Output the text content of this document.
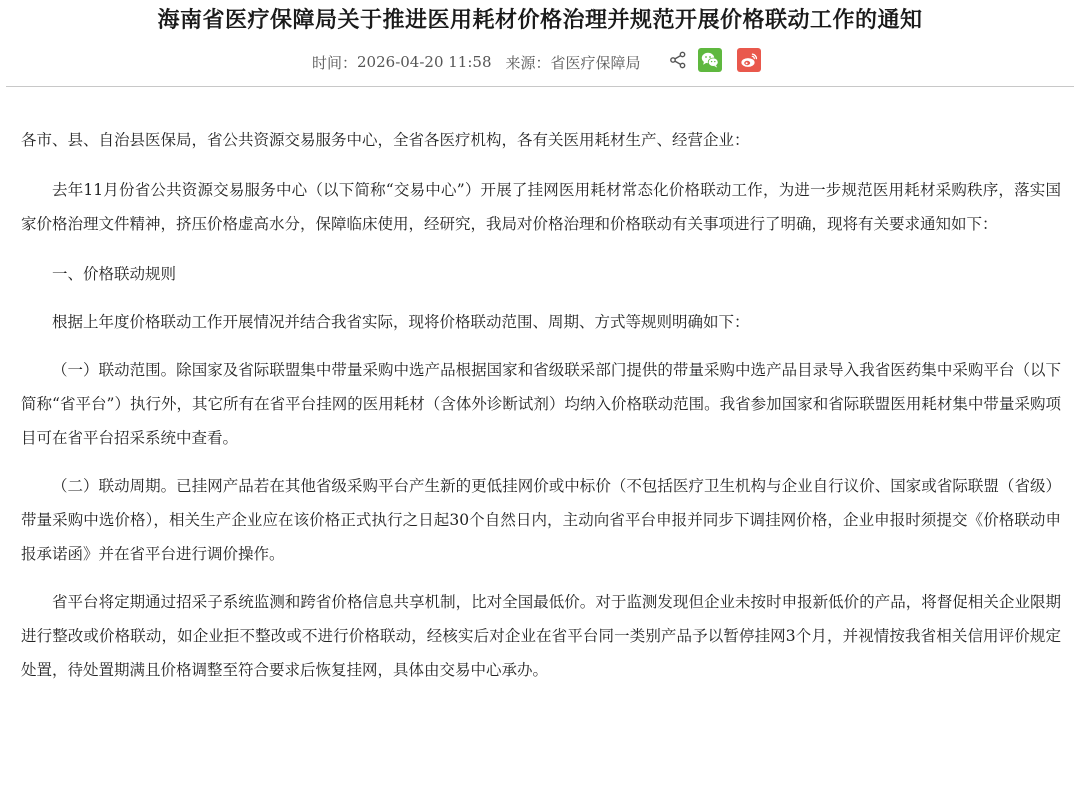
海南省医疗保障局关于推进医用耗材价格治理并规范开展价格联动工作的通知
时间： 2026-04-20 11:58 来源： 省医疗保障局

各市、县、自治县医保局，省公共资源交易服务中心，全省各医疗机构，各有关医用耗材生产、经营企业：

去年11月份省公共资源交易服务中心（以下简称“交易中心”）开展了挂网医用耗材常态化价格联动工作，为进一步规范医用耗材采购秩序，落实国家价格治理文件精神，挤压价格虚高水分，保障临床使用，经研究，我局对价格治理和价格联动有关事项进行了明确，现将有关要求通知如下：

一、价格联动规则

根据上年度价格联动工作开展情况并结合我省实际，现将价格联动范围、周期、方式等规则明确如下：

（一）联动范围。除国家及省际联盟集中带量采购中选产品根据国家和省级联采部门提供的带量采购中选产品目录导入我省医药集中采购平台（以下简称“省平台”）执行外，其它所有在省平台挂网的医用耗材（含体外诊断试剂）均纳入价格联动范围。我省参加国家和省际联盟医用耗材集中带量采购项目可在省平台招采系统中查看。

（二）联动周期。已挂网产品若在其他省级采购平台产生新的更低挂网价或中标价（不包括医疗卫生机构与企业自行议价、国家或省际联盟（省级）带量采购中选价格），相关生产企业应在该价格正式执行之日起30个自然日内，主动向省平台申报并同步下调挂网价格，企业申报时须提交《价格联动申报承诺函》并在省平台进行调价操作。

省平台将定期通过招采子系统监测和跨省价格信息共享机制，比对全国最低价。对于监测发现但企业未按时申报新低价的产品，将督促相关企业限期进行整改或价格联动，如企业拒不整改或不进行价格联动，经核实后对企业在省平台同一类别产品予以暂停挂网3个月，并视情按我省相关信用评价规定处置，待处置期满且价格调整至符合要求后恢复挂网，具体由交易中心承办。
